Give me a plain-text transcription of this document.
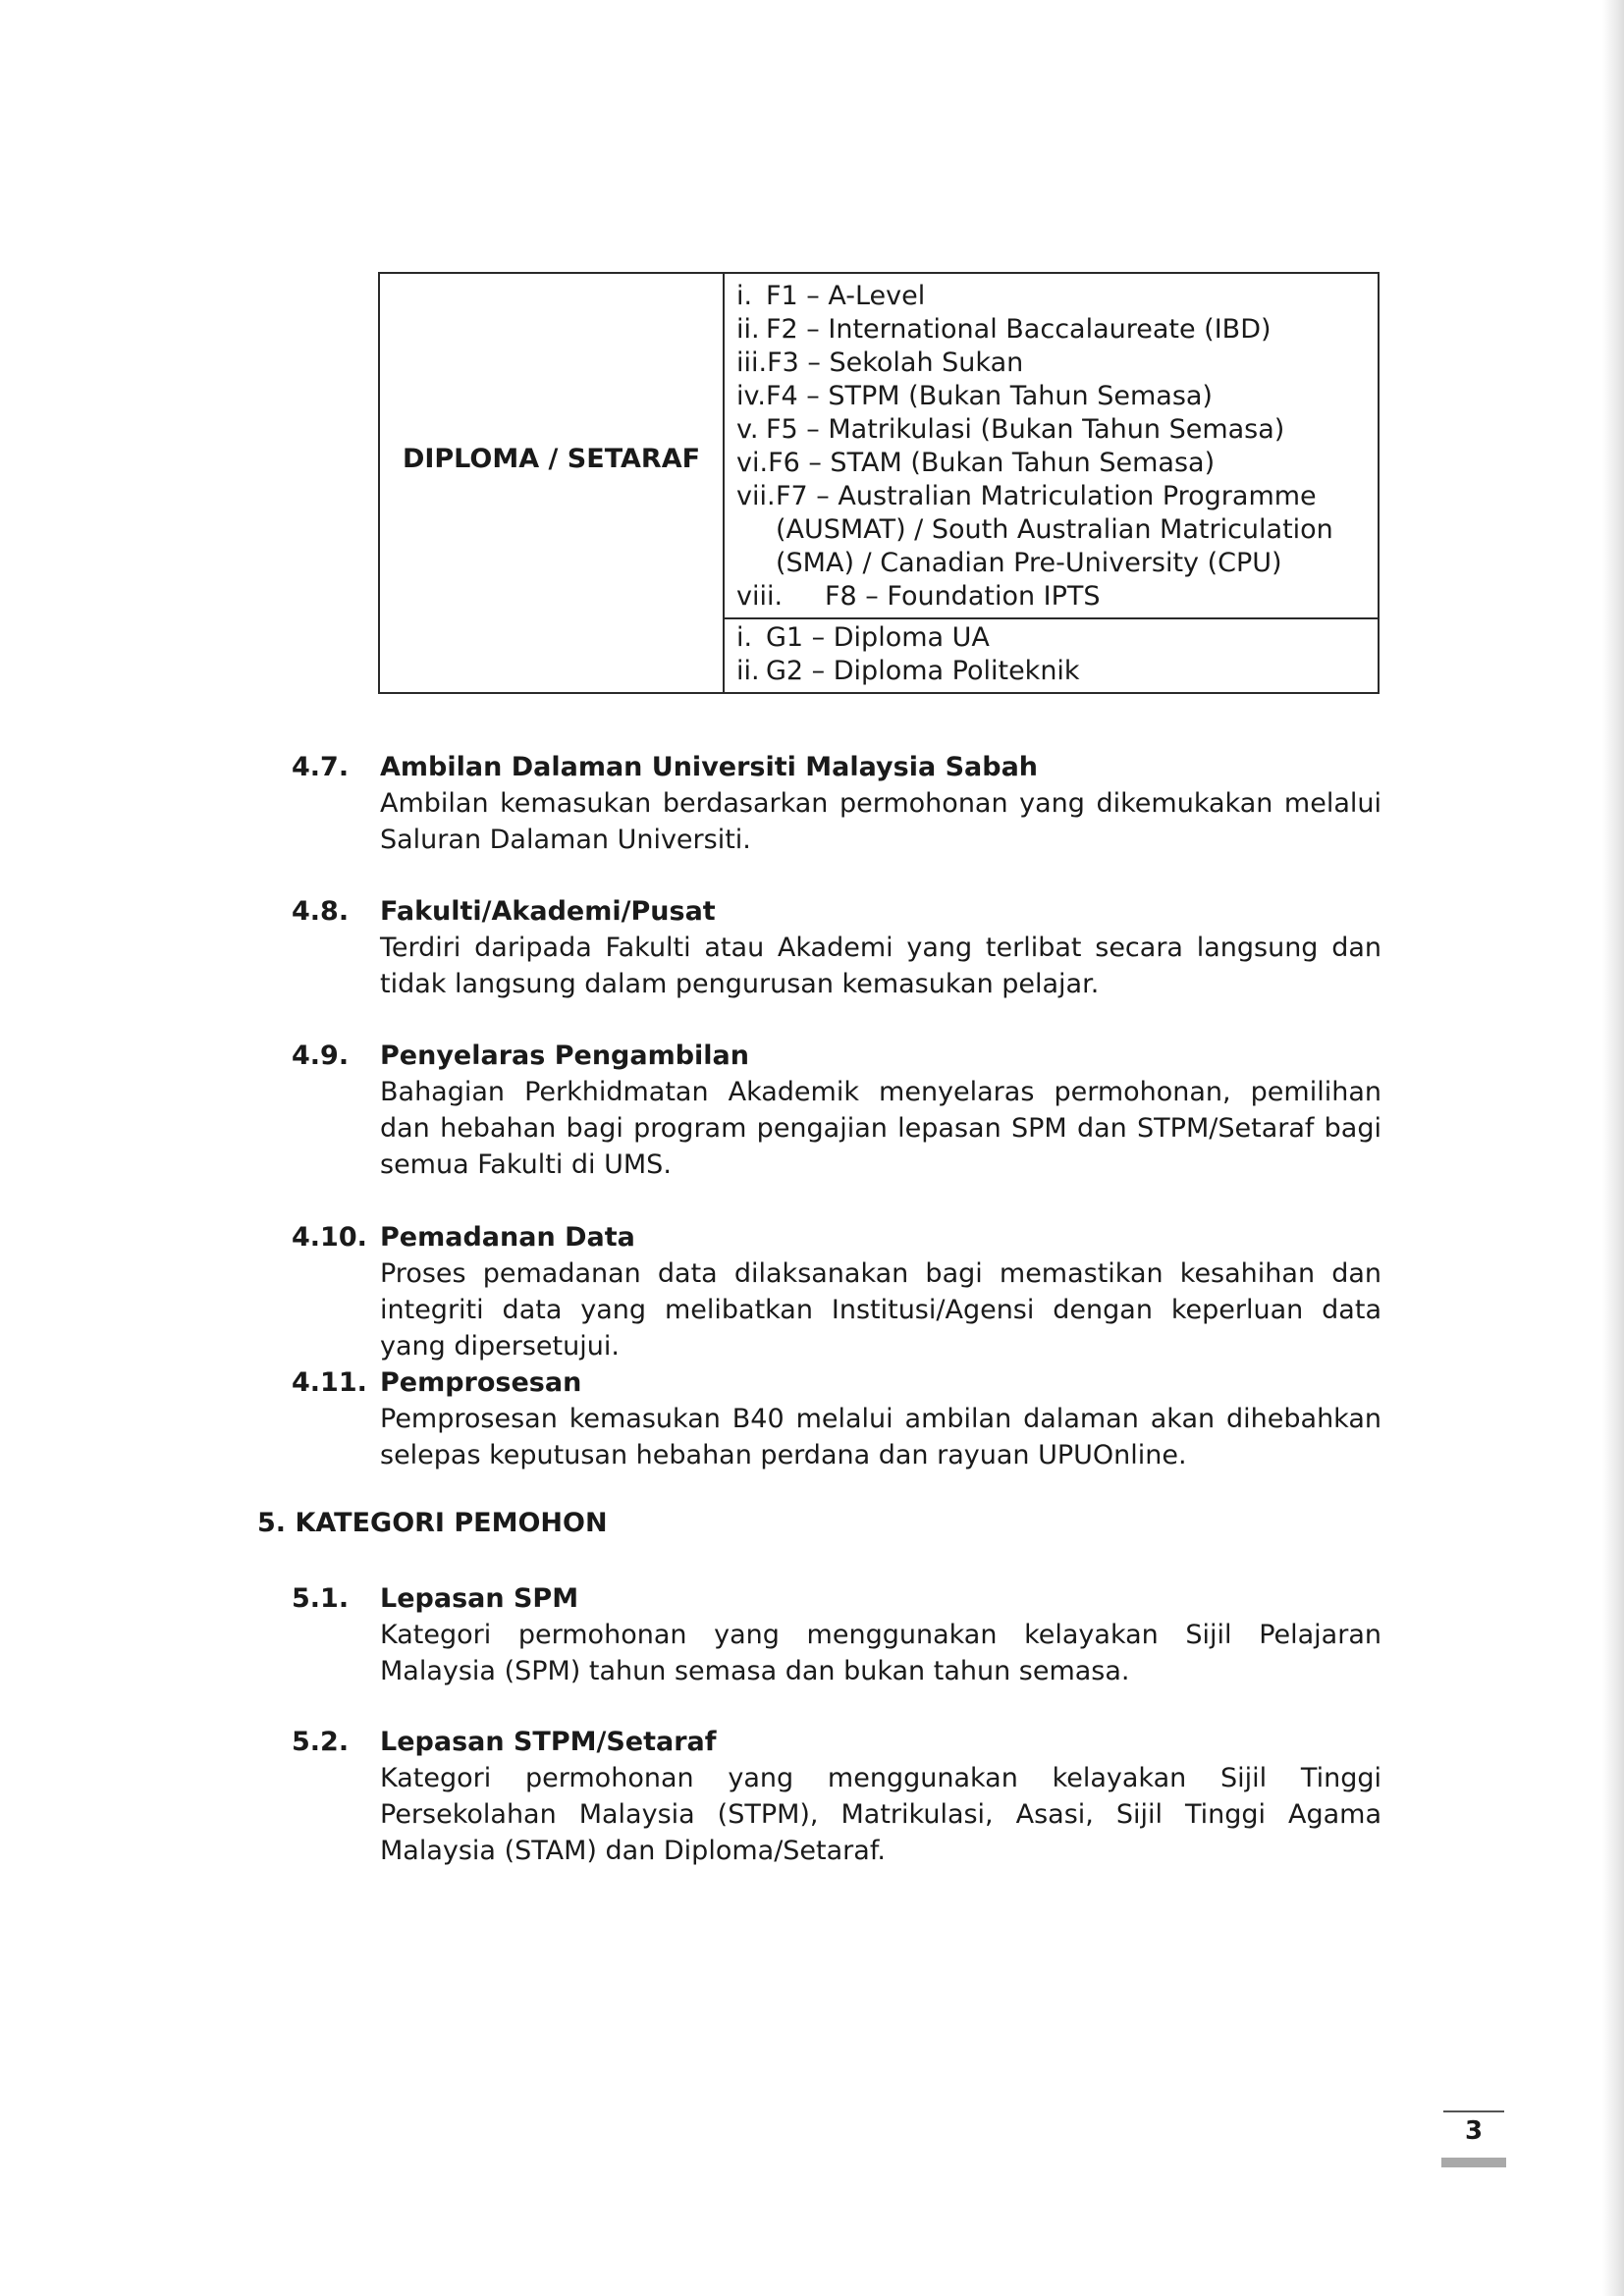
DIPLOMA / SETARAF

i. F1 – A-Level
ii. F2 – International Baccalaureate (IBD)
iii. F3 – Sekolah Sukan
iv. F4 – STPM (Bukan Tahun Semasa)
v. F5 – Matrikulasi (Bukan Tahun Semasa)
vi. F6 – STAM (Bukan Tahun Semasa)
vii. F7 – Australian Matriculation Programme
(AUSMAT) / South Australian Matriculation
(SMA) / Canadian Pre-University (CPU)
viii.	F8 – Foundation IPTS

i. G1 – Diploma UA
ii. G2 – Diploma Politeknik
4.7. Ambilan Dalaman Universiti Malaysia Sabah
Ambilan kemasukan berdasarkan permohonan yang dikemukakan melalui Saluran Dalaman Universiti.
4.8. Fakulti/Akademi/Pusat
Terdiri daripada Fakulti atau Akademi yang terlibat secara langsung dan tidak langsung dalam pengurusan kemasukan pelajar.
4.9. Penyelaras Pengambilan
Bahagian Perkhidmatan Akademik menyelaras permohonan, pemilihan dan hebahan bagi program pengajian lepasan SPM dan STPM/Setaraf bagi semua Fakulti di UMS.
4.10. Pemadanan Data
Proses pemadanan data dilaksanakan bagi memastikan kesahihan dan integriti data yang melibatkan Institusi/Agensi dengan keperluan data yang dipersetujui.
4.11. Pemprosesan
Pemprosesan kemasukan B40 melalui ambilan dalaman akan dihebahkan selepas keputusan hebahan perdana dan rayuan UPUOnline.
5. KATEGORI PEMOHON
5.1. Lepasan SPM
Kategori permohonan yang menggunakan kelayakan Sijil Pelajaran Malaysia (SPM) tahun semasa dan bukan tahun semasa.
5.2. Lepasan STPM/Setaraf
Kategori permohonan yang menggunakan kelayakan Sijil Tinggi Persekolahan Malaysia (STPM), Matrikulasi, Asasi, Sijil Tinggi Agama Malaysia (STAM) dan Diploma/Setaraf.
3
